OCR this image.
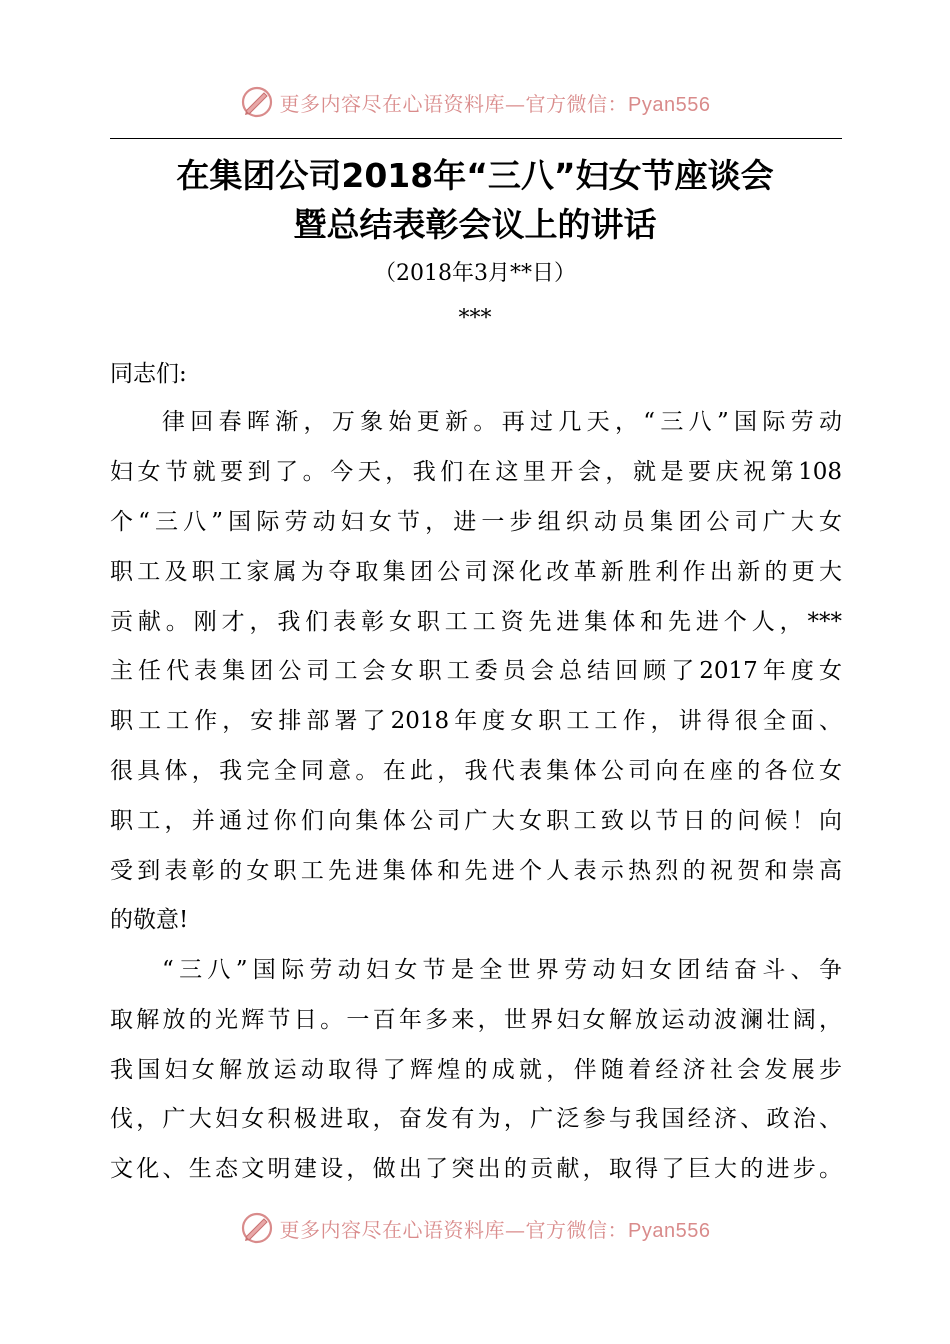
更多内容尽在心语资料库—官方微信：Pyan556
在集团公司2018年“三八”妇女节座谈会
暨总结表彰会议上的讲话
（2018年3月**日）
***
同志们:
律回春晖渐，万象始更新。再过几天，“三八”国际劳动
妇女节就要到了。今天，我们在这里开会，就是要庆祝第108
个“三八”国际劳动妇女节，进一步组织动员集团公司广大女
职工及职工家属为夺取集团公司深化改革新胜利作出新的更大
贡献。刚才，我们表彰女职工工资先进集体和先进个人，***
主任代表集团公司工会女职工委员会总结回顾了2017年度女
职工工作，安排部署了2018年度女职工工作，讲得很全面、
很具体，我完全同意。在此，我代表集体公司向在座的各位女
职工，并通过你们向集体公司广大女职工致以节日的问候！向
受到表彰的女职工先进集体和先进个人表示热烈的祝贺和崇高
的敬意!
“三八”国际劳动妇女节是全世界劳动妇女团结奋斗、争
取解放的光辉节日。一百年多来，世界妇女解放运动波澜壮阔，
我国妇女解放运动取得了辉煌的成就，伴随着经济社会发展步
伐，广大妇女积极进取，奋发有为，广泛参与我国经济、政治、
文化、生态文明建设，做出了突出的贡献，取得了巨大的进步。
更多内容尽在心语资料库—官方微信：Pyan556
